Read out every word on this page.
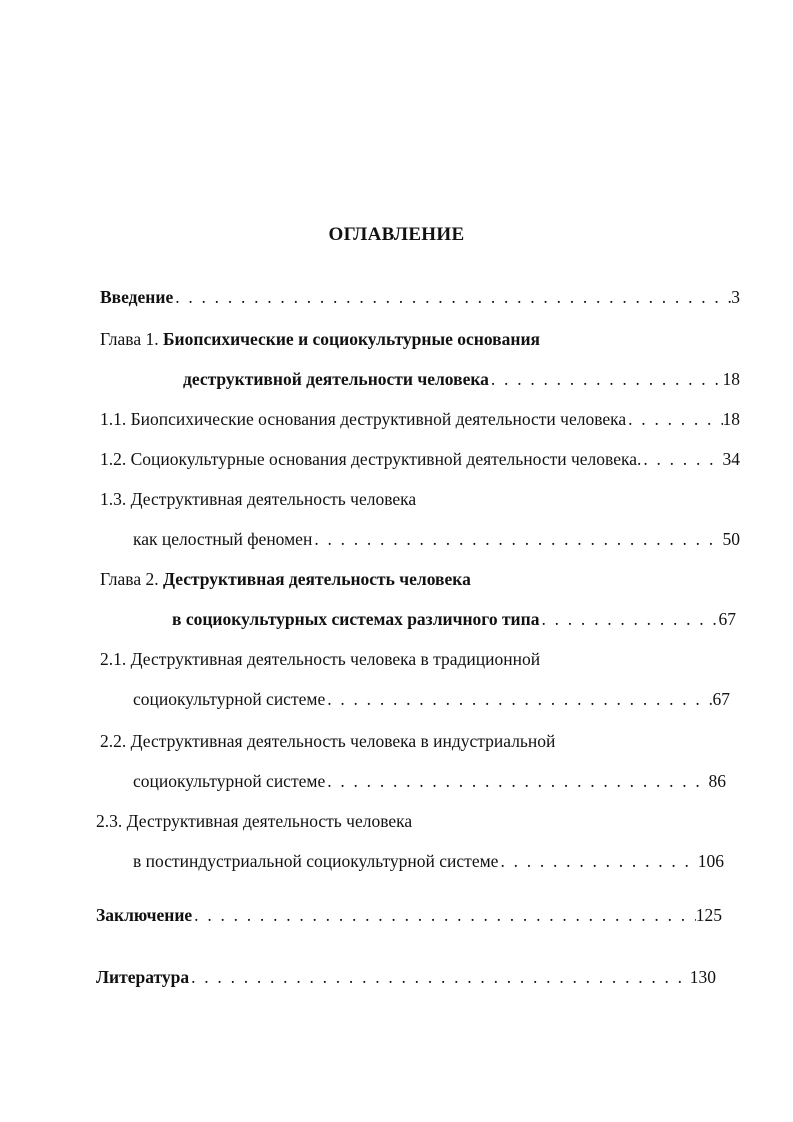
ОГЛАВЛЕНИЕ
Введение . . .	3
Глава 1. Биопсихические и социокультурные основания
деструктивной деятельности человека . . .	18
1.1. Биопсихические основания деструктивной деятельности человека . . .	18
1.2. Социокультурные основания деструктивной деятельности человека. . . .	34
1.3. Деструктивная деятельность человека
как целостный феномен . . .	50
Глава 2. Деструктивная деятельность человека
в социокультурных системах различного типа . . .	67
2.1. Деструктивная деятельность человека в традиционной
социокультурной системе . . .	67
2.2. Деструктивная деятельность человека в индустриальной
социокультурной системе . . .	86
2.3. Деструктивная деятельность человека
в постиндустриальной социокультурной системе . . .	106
Заключение . . .	125
Литература . . .	130
